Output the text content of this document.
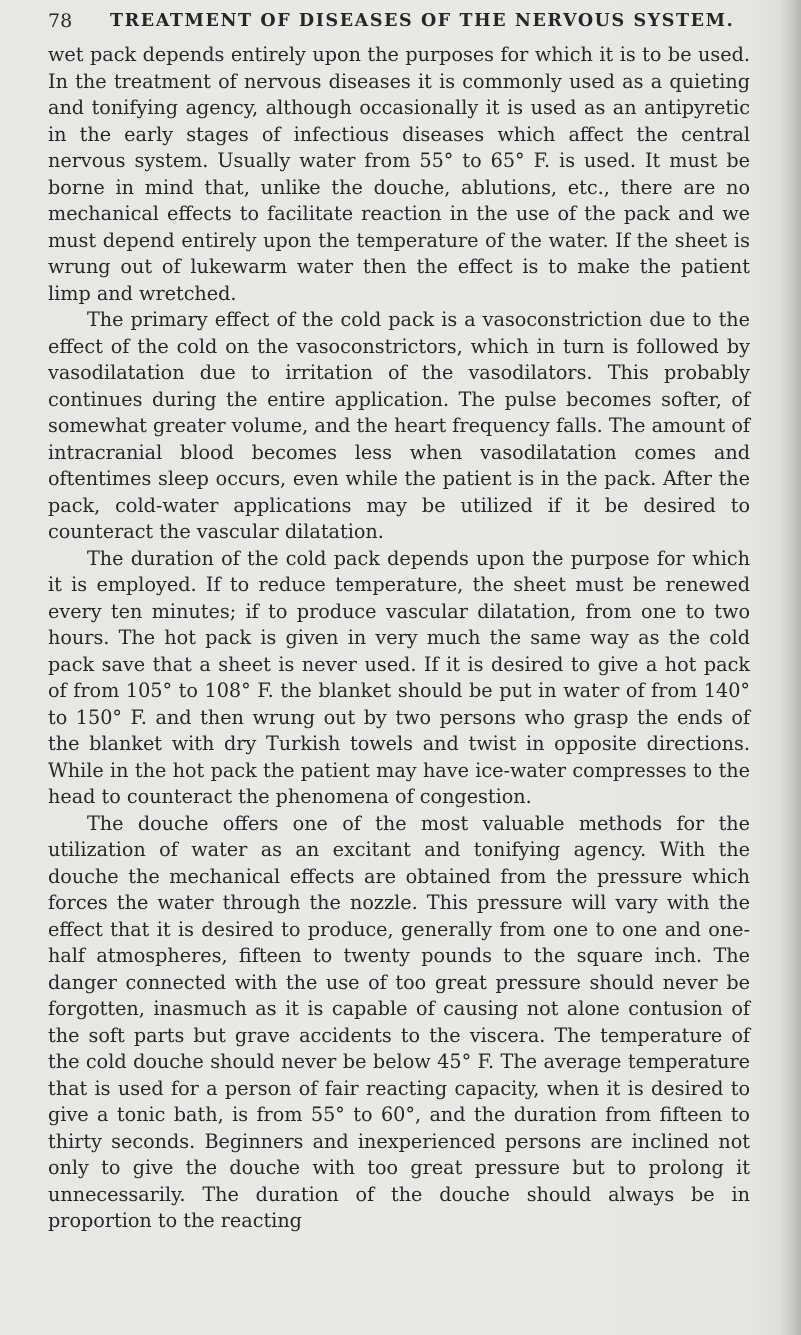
78 TREATMENT OF DISEASES OF THE NERVOUS SYSTEM.

wet pack depends entirely upon the purposes for which it is to be used. In the treatment of nervous diseases it is commonly used as a quieting and tonifying agency, although occasionally it is used as an antipyretic in the early stages of infectious diseases which affect the central nervous system. Usually water from 55° to 65° F. is used. It must be borne in mind that, unlike the douche, ablutions, etc., there are no mechanical effects to facilitate reaction in the use of the pack and we must depend entirely upon the temperature of the water. If the sheet is wrung out of lukewarm water then the effect is to make the patient limp and wretched.

The primary effect of the cold pack is a vasoconstriction due to the effect of the cold on the vasoconstrictors, which in turn is followed by vasodilatation due to irritation of the vasodilators. This probably continues during the entire application. The pulse becomes softer, of somewhat greater volume, and the heart frequency falls. The amount of intracranial blood becomes less when vasodilatation comes and oftentimes sleep occurs, even while the patient is in the pack. After the pack, cold-water applications may be utilized if it be desired to counteract the vascular dilatation.

The duration of the cold pack depends upon the purpose for which it is employed. If to reduce temperature, the sheet must be renewed every ten minutes; if to produce vascular dilatation, from one to two hours. The hot pack is given in very much the same way as the cold pack save that a sheet is never used. If it is desired to give a hot pack of from 105° to 108° F. the blanket should be put in water of from 140° to 150° F. and then wrung out by two persons who grasp the ends of the blanket with dry Turkish towels and twist in opposite directions. While in the hot pack the patient may have ice-water compresses to the head to counteract the phenomena of congestion.

The douche offers one of the most valuable methods for the utilization of water as an excitant and tonifying agency. With the douche the mechanical effects are obtained from the pressure which forces the water through the nozzle. This pressure will vary with the effect that it is desired to produce, generally from one to one and one-half atmospheres, fifteen to twenty pounds to the square inch. The danger connected with the use of too great pressure should never be forgotten, inasmuch as it is capable of causing not alone contusion of the soft parts but grave accidents to the viscera. The temperature of the cold douche should never be below 45° F. The average temperature that is used for a person of fair reacting capacity, when it is desired to give a tonic bath, is from 55° to 60°, and the duration from fifteen to thirty seconds. Beginners and inexperienced persons are inclined not only to give the douche with too great pressure but to prolong it unnecessarily. The duration of the douche should always be in proportion to the reacting
